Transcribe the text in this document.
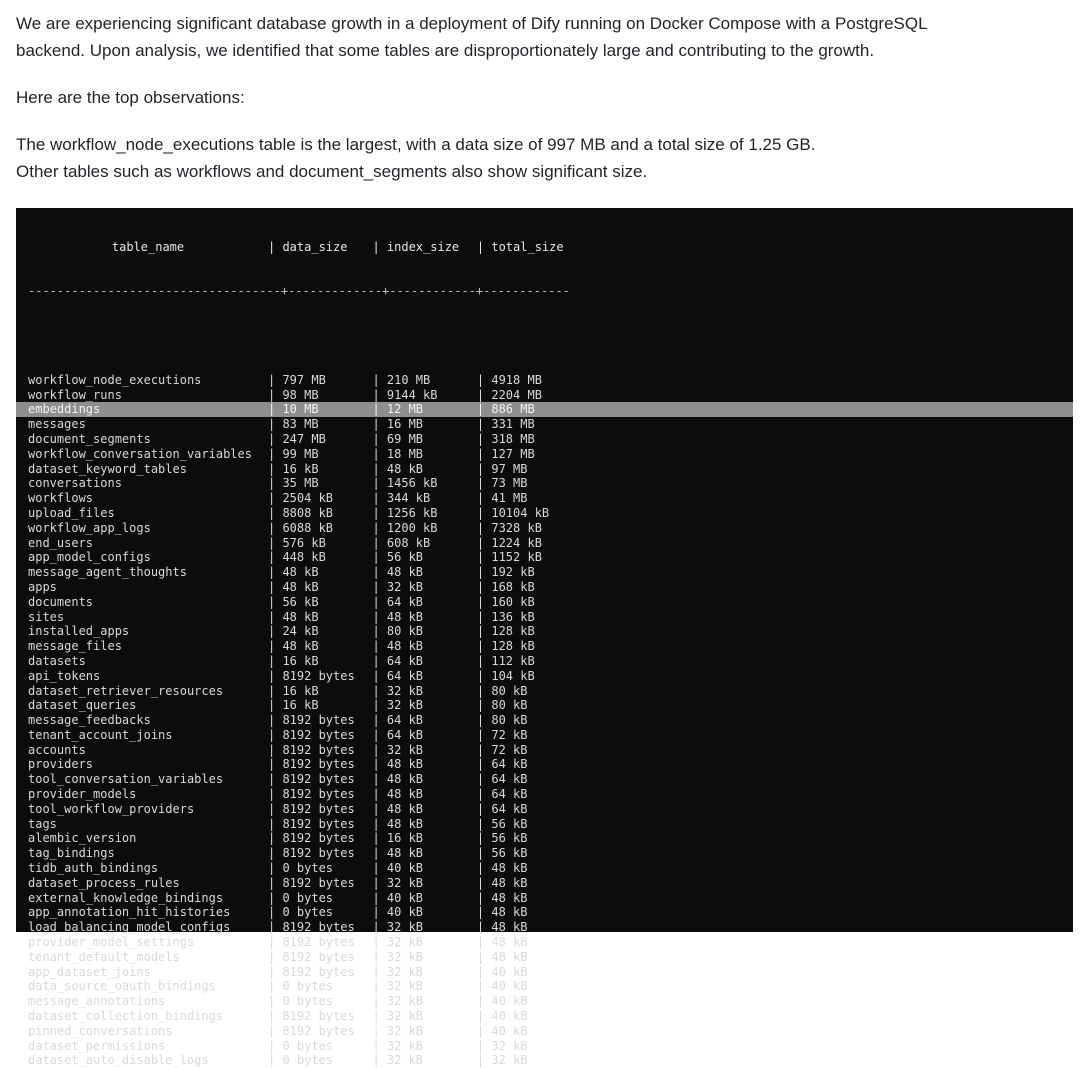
We are experiencing significant database growth in a deployment of Dify running on Docker Compose with a PostgreSQL
backend. Upon analysis, we identified that some tables are disproportionately large and contributing to the growth.

Here are the top observations:

The workflow_node_executions table is the largest, with a data size of 997 MB and a total size of 1.25 GB.
Other tables such as workflows and document_segments also show significant size.

table_name	| data_size | index_size | total_size

-----------------------------------+-------------+------------+------------

workflow_node_executions	| 797 MB	| 210 MB	| 4918 MB
workflow_runs	| 98 MB	| 9144 kB	| 2204 MB
embeddings	| 10 MB	| 12 MB	| 886 MB
messages	| 83 MB	| 16 MB	| 331 MB
document_segments	| 247 MB	| 69 MB	| 318 MB
workflow_conversation_variables | 99 MB	| 18 MB	| 127 MB
dataset_keyword_tables	| 16 kB	| 48 kB	| 97 MB
conversations	| 35 MB	| 1456 kB	| 73 MB
workflows	| 2504 kB	| 344 kB	| 41 MB
upload_files	| 8808 kB	| 1256 kB	| 10104 kB
workflow_app_logs	| 6088 kB	| 1200 kB	| 7328 kB
end_users	| 576 kB	| 608 kB	| 1224 kB
app_model_configs	| 448 kB	| 56 kB	| 1152 kB
message_agent_thoughts	| 48 kB	| 48 kB	| 192 kB
apps	| 48 kB	| 32 kB	| 168 kB
documents	| 56 kB	| 64 kB	| 160 kB
sites	| 48 kB	| 48 kB	| 136 kB
installed_apps	| 24 kB	| 80 kB	| 128 kB
message_files	| 48 kB	| 48 kB	| 128 kB
datasets	| 16 kB	| 64 kB	| 112 kB
api_tokens	| 8192 bytes | 64 kB	| 104 kB
dataset_retriever_resources	| 16 kB	| 32 kB	| 80 kB
dataset_queries	| 16 kB	| 32 kB	| 80 kB
message_feedbacks	| 8192 bytes | 64 kB	| 80 kB
tenant_account_joins	| 8192 bytes | 64 kB	| 72 kB
accounts	| 8192 bytes | 32 kB	| 72 kB
providers	| 8192 bytes | 48 kB	| 64 kB
tool_conversation_variables	| 8192 bytes | 48 kB	| 64 kB
provider_models	| 8192 bytes | 48 kB	| 64 kB
tool_workflow_providers	| 8192 bytes | 48 kB	| 64 kB
tags	| 8192 bytes | 48 kB	| 56 kB
alembic_version	| 8192 bytes | 16 kB	| 56 kB
tag_bindings	| 8192 bytes | 48 kB	| 56 kB
tidb_auth_bindings	| 0 bytes	| 40 kB	| 48 kB
dataset_process_rules	| 8192 bytes | 32 kB	| 48 kB
external_knowledge_bindings	| 0 bytes	| 40 kB	| 48 kB
app_annotation_hit_histories	| 0 bytes	| 40 kB	| 48 kB
load_balancing_model_configs	| 8192 bytes | 32 kB	| 48 kB
provider_model_settings	| 8192 bytes | 32 kB	| 48 kB
tenant_default_models	| 8192 bytes | 32 kB	| 48 kB
app_dataset_joins	| 8192 bytes | 32 kB	| 40 kB
data_source_oauth_bindings	| 0 bytes	| 32 kB	| 40 kB
message_annotations	| 0 bytes	| 32 kB	| 40 kB
dataset_collection_bindings	| 8192 bytes | 32 kB	| 40 kB
pinned_conversations	| 8192 bytes | 32 kB	| 40 kB
dataset_permissions	| 0 bytes	| 32 kB	| 32 kB
dataset_auto_disable_logs	| 0 bytes	| 32 kB	| 32 kB
